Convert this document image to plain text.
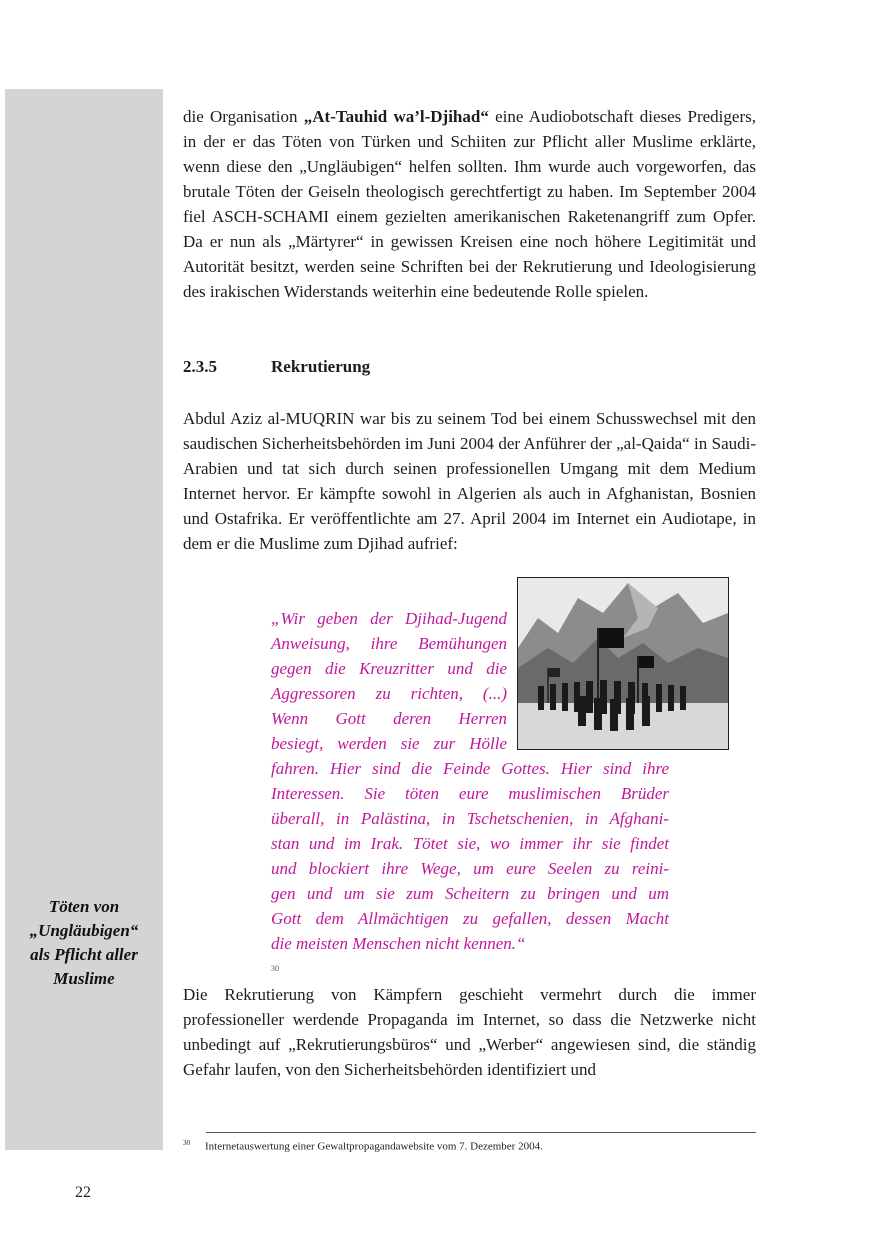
Töten von
„Ungläubigen“
als Pflicht aller
Muslime
die Organisation „At-Tauhid wa’l-Djihad“ eine Audiobotschaft dieses Predigers, in der er das Töten von Türken und Schiiten zur Pflicht aller Muslime erklärte, wenn diese den „Ungläubigen“ helfen sollten. Ihm wurde auch vorgeworfen, das brutale Töten der Geiseln theologisch gerechtfertigt zu haben. Im September 2004 fiel ASCH-SCHAMI einem gezielten amerikanischen Raketenangriff zum Opfer. Da er nun als „Märtyrer“ in gewissen Kreisen eine noch höhere Legitimität und Autorität besitzt, werden seine Schriften bei der Rekrutierung und Ideologisierung des irakischen Widerstands weiterhin eine bedeutende Rolle spielen.
2.3.5	Rekrutierung
Abdul Aziz al-MUQRIN war bis zu seinem Tod bei einem Schusswechsel mit den saudischen Sicherheitsbehörden im Juni 2004 der Anführer der „al-Qaida“ in Saudi-Arabien und tat sich durch seinen professionellen Umgang mit dem Medium Internet hervor. Er kämpfte sowohl in Algerien als auch in Afghanistan, Bosnien und Ostafrika. Er veröffentlichte am 27. April 2004 im Internet ein Audiotape, in dem er die Muslime zum Djihad aufrief:
„Wir geben der Djihad-Jugend
Anweisung, ihre Bemühungen
gegen die Kreuzritter und die
Aggressoren zu richten, (...)
Wenn Gott deren Herren
besiegt, werden sie zur Hölle
fahren. Hier sind die Feinde Gottes. Hier sind ihre
Interessen. Sie töten eure muslimischen Brüder
überall, in Palästina, in Tschetschenien, in Afghani-
stan und im Irak. Tötet sie, wo immer ihr sie findet
und blockiert ihre Wege, um eure Seelen zu reini-
gen und um sie zum Scheitern zu bringen und um
Gott dem Allmächtigen zu gefallen, dessen Macht
die meisten Menschen nicht kennen.“
30
Die Rekrutierung von Kämpfern geschieht vermehrt durch die immer professioneller werdende Propaganda im Internet, so dass die Netzwerke nicht unbedingt auf „Rekrutierungsbüros“ und „Werber“ angewiesen sind, die ständig Gefahr laufen, von den Sicherheitsbehörden identifiziert und
30 Internetauswertung einer Gewaltpropagandawebsite vom 7. Dezember 2004.
22
